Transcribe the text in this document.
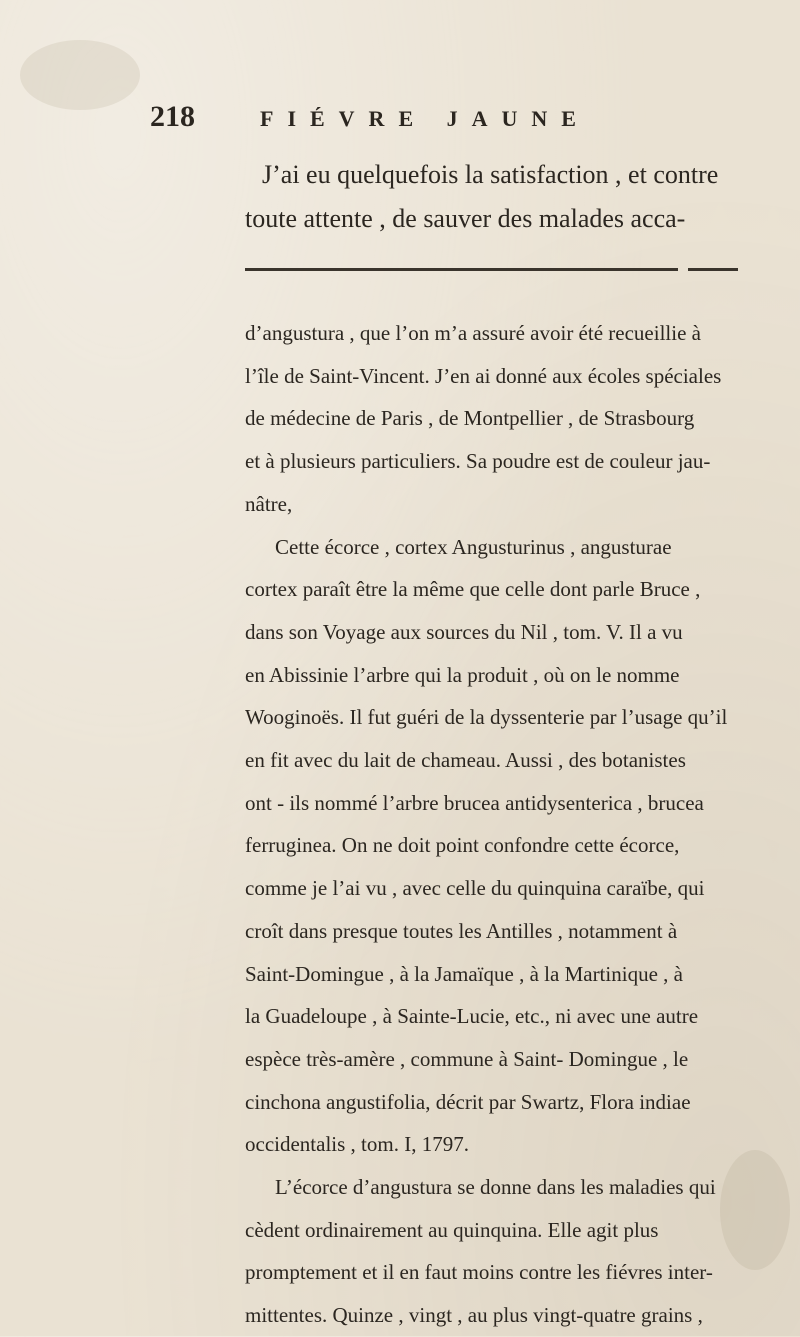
218	FIÉVRE JAUNE

J’ai eu quelquefois la satisfaction , et contre

toute attente , de sauver des malades acca-

d’angustura , que l’on m’a assuré avoir été recueillie à

l’île de Saint-Vincent. J’en ai donné aux écoles spéciales

de médecine de Paris , de Montpellier , de Strasbourg

et à plusieurs particuliers. Sa poudre est de couleur jau-

nâtre,

Cette écorce , cortex Angusturinus , angusturae

cortex paraît être la même que celle dont parle Bruce ,

dans son Voyage aux sources du Nil , tom. V. Il a vu

en Abissinie l’arbre qui la produit , où on le nomme

Wooginoës. Il fut guéri de la dyssenterie par l’usage qu’il

en fit avec du lait de chameau. Aussi , des botanistes

ont - ils nommé l’arbre brucea antidysenterica , brucea

ferruginea. On ne doit point confondre cette écorce,

comme je l’ai vu , avec celle du quinquina caraïbe, qui

croît dans presque toutes les Antilles , notamment à

Saint-Domingue , à la Jamaïque , à la Martinique , à

la Guadeloupe , à Sainte-Lucie, etc., ni avec une autre

espèce très-amère , commune à Saint- Domingue , le

cinchona angustifolia, décrit par Swartz, Flora indiae

occidentalis , tom. I, 1797.

L’écorce d’angustura se donne dans les maladies qui

cèdent ordinairement au quinquina. Elle agit plus

promptement et il en faut moins contre les fiévres inter-

mittentes. Quinze , vingt , au plus vingt-quatre grains ,
